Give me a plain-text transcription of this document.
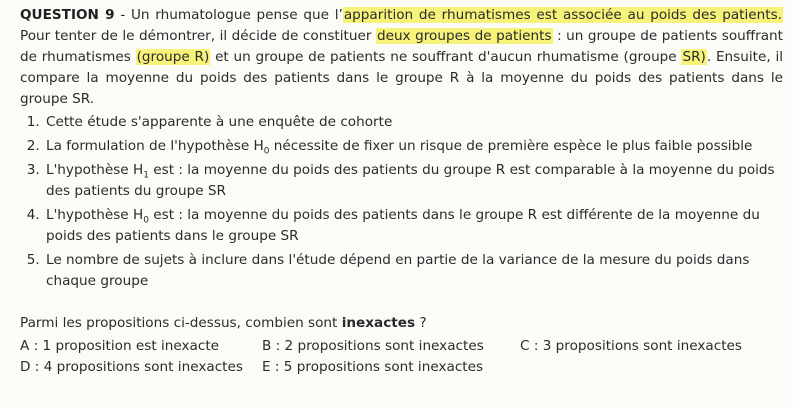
QUESTION 9 - Un rhumatologue pense que l’apparition de rhumatismes est associée au poids des patients. Pour tenter de le démontrer, il décide de constituer deux groupes de patients : un groupe de patients souffrant de rhumatismes (groupe R) et un groupe de patients ne souffrant d'aucun rhumatisme (groupe SR). Ensuite, il compare la moyenne du poids des patients dans le groupe R à la moyenne du poids des patients dans le groupe SR.
1. Cette étude s'apparente à une enquête de cohorte
2. La formulation de l'hypothèse $H_0$ nécessite de fixer un risque de première espèce le plus faible possible
3. L'hypothèse $H_1$ est : la moyenne du poids des patients du groupe R est comparable à la moyenne du poids des patients du groupe SR
4. L'hypothèse $H_0$ est : la moyenne du poids des patients dans le groupe R est différente de la moyenne du poids des patients dans le groupe SR
5. Le nombre de sujets à inclure dans l'étude dépend en partie de la variance de la mesure du poids dans chaque groupe
Parmi les propositions ci-dessus, combien sont inexactes ?
A : 1 proposition est inexacte	B : 2 propositions sont inexactes	C : 3 propositions sont inexactes
D : 4 propositions sont inexactes	E : 5 propositions sont inexactes
